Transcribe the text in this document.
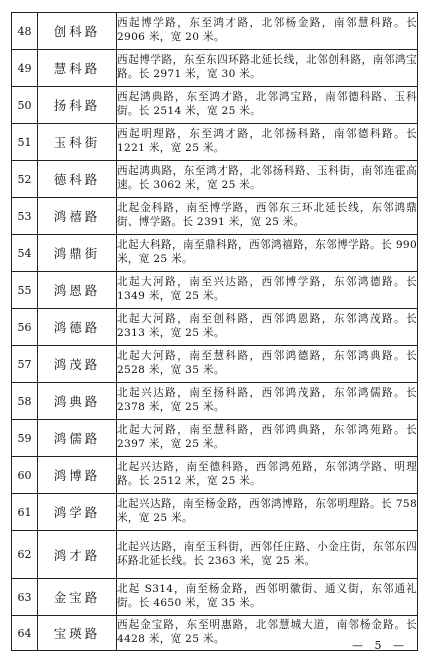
48	创科路	西起博学路，东至鸿才路，北邻杨金路，南邻慧科路。长 2906 米，宽 20 米。
49	慧科路	西起博学路，东至东四环路北延长线，北邻创科路，南邻鸿宝路。长 2971 米，宽 30 米。
50	扬科路	西起鸿典路，东至鸿才路，北邻鸿宝路，南邻德科路、玉科街。长 2514 米，宽 25 米。
51	玉科街	西起明理路，东至鸿才路，北邻扬科路，南邻德科路。长 1221 米，宽 25 米。
52	德科路	西起鸿典路，东至鸿才路，北邻扬科路、玉科街，南邻连霍高速。长 3062 米，宽 25 米。
53	鸿禧路	北起金科路，南至博学路，西邻东三环北延长线，东邻鸿鼎街、博学路。长 2391 米，宽 25 米。
54	鸿鼎街	北起大科路，南至鼎科路，西邻鸿禧路，东邻博学路。长 990 米，宽 25 米。
55	鸿恩路	北起大河路，南至兴达路，西邻博学路，东邻鸿德路。长 1349 米，宽 25 米。
56	鸿德路	北起大河路，南至创科路，西邻鸿恩路，东邻鸿茂路。长 2313 米，宽 25 米。
57	鸿茂路	北起大河路，南至慧科路，西邻鸿德路，东邻鸿典路。长 2528 米，宽 35 米。
58	鸿典路	北起兴达路，南至扬科路，西邻鸿茂路，东邻鸿儒路。长 2378 米，宽 25 米。
59	鸿儒路	北起大河路，南至慧科路，西邻鸿典路，东邻鸿苑路。长 2397 米，宽 25 米。
60	鸿博路	北起兴达路，南至德科路，西邻鸿苑路，东邻鸿学路、明理路。长 2512 米，宽 25 米。
61	鸿学路	北起兴达路，南至杨金路，西邻鸿博路，东邻明理路。长 758 米，宽 25 米。
62	鸿才路	北起兴达路，南至玉科街，西邻任庄路、小金庄街，东邻东四环路北延长线。长 2363 米，宽 25 米。
63	金宝路	北起 S314，南至杨金路，西邻明徽街、通义街，东邻通礼街。长 4650 米，宽 35 米。
64	宝瑛路	西起金宝路，东至明惠路，北邻慧城大道，南邻杨金路。长 4428 米，宽 25 米。	— 5 —
